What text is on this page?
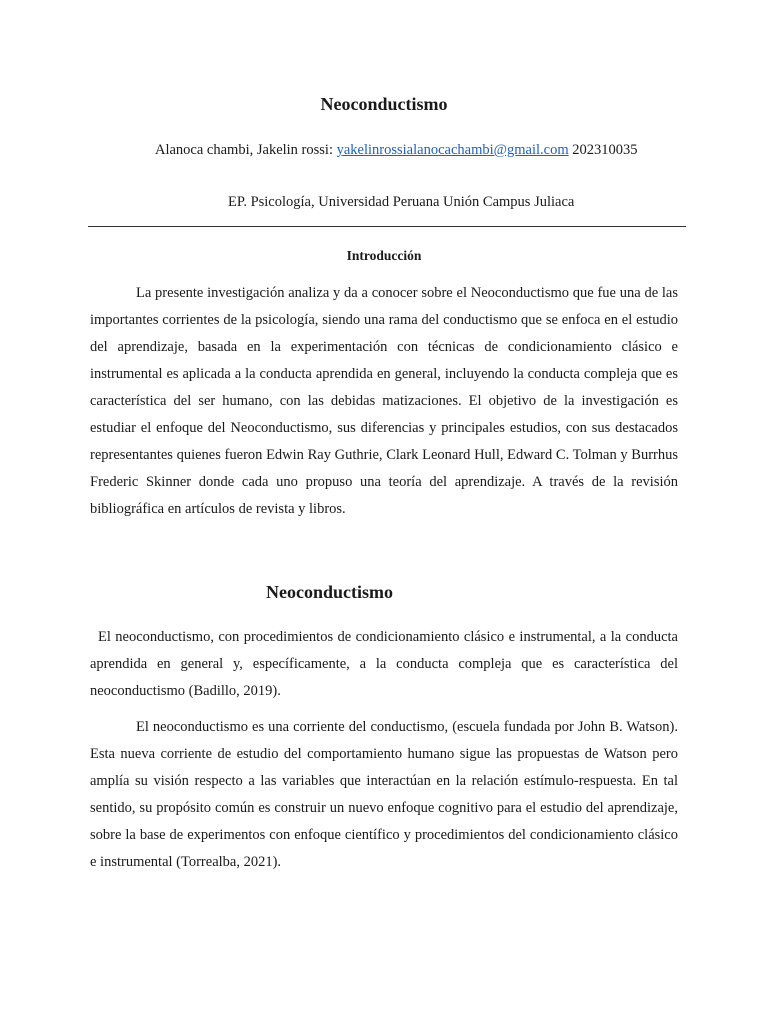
Neoconductismo
Alanoca chambi, Jakelin rossi: yakelinrossialanocachambi@gmail.com 202310035
EP. Psicología, Universidad Peruana Unión Campus Juliaca
Introducción
La presente investigación analiza y da a conocer sobre el Neoconductismo que fue una de las importantes corrientes de la psicología, siendo una rama del conductismo que se enfoca en el estudio del aprendizaje, basada en la experimentación con técnicas de condicionamiento clásico e instrumental es aplicada a la conducta aprendida en general, incluyendo la conducta compleja que es característica del ser humano, con las debidas matizaciones. El objetivo de la investigación es estudiar el enfoque del Neoconductismo, sus diferencias y principales estudios, con sus destacados representantes quienes fueron Edwin Ray Guthrie, Clark Leonard Hull, Edward C. Tolman y Burrhus Frederic Skinner donde cada uno propuso una teoría del aprendizaje. A través de la revisión bibliográfica en artículos de revista y libros.
Neoconductismo
El neoconductismo, con procedimientos de condicionamiento clásico e instrumental, a la conducta aprendida en general y, específicamente, a la conducta compleja que es característica del neoconductismo (Badillo, 2019).
El neoconductismo es una corriente del conductismo, (escuela fundada por John B. Watson). Esta nueva corriente de estudio del comportamiento humano sigue las propuestas de Watson pero amplía su visión respecto a las variables que interactúan en la relación estímulo-respuesta. En tal sentido, su propósito común es construir un nuevo enfoque cognitivo para el estudio del aprendizaje, sobre la base de experimentos con enfoque científico y procedimientos del condicionamiento clásico e instrumental (Torrealba, 2021).
